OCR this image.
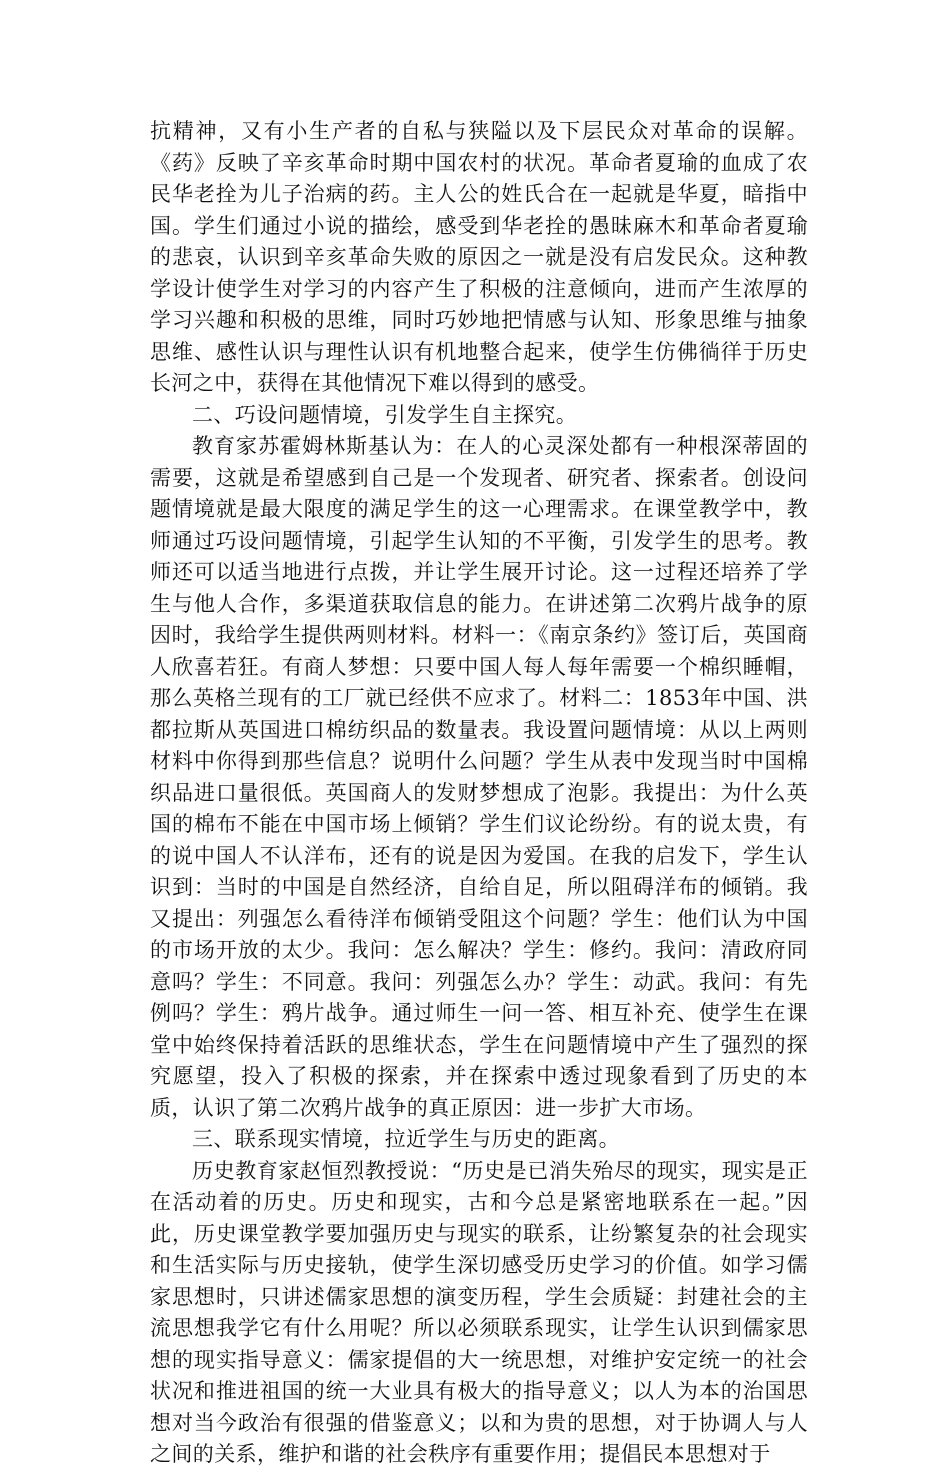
抗精神，又有小生产者的自私与狭隘以及下层民众对革命的误解。《药》反映了辛亥革命时期中国农村的状况。革命者夏瑜的血成了农民华老拴为儿子治病的药。主人公的姓氏合在一起就是华夏，暗指中国。学生们通过小说的描绘，感受到华老拴的愚昧麻木和革命者夏瑜的悲哀，认识到辛亥革命失败的原因之一就是没有启发民众。这种教学设计使学生对学习的内容产生了积极的注意倾向，进而产生浓厚的学习兴趣和积极的思维，同时巧妙地把情感与认知、形象思维与抽象思维、感性认识与理性认识有机地整合起来，使学生仿佛徜徉于历史长河之中，获得在其他情况下难以得到的感受。

二、巧设问题情境，引发学生自主探究。

教育家苏霍姆林斯基认为：在人的心灵深处都有一种根深蒂固的需要，这就是希望感到自己是一个发现者、研究者、探索者。创设问题情境就是最大限度的满足学生的这一心理需求。在课堂教学中，教师通过巧设问题情境，引起学生认知的不平衡，引发学生的思考。教师还可以适当地进行点拨，并让学生展开讨论。这一过程还培养了学生与他人合作，多渠道获取信息的能力。在讲述第二次鸦片战争的原因时，我给学生提供两则材料。材料一：《南京条约》签订后，英国商人欣喜若狂。有商人梦想：只要中国人每人每年需要一个棉织睡帽，那么英格兰现有的工厂就已经供不应求了。材料二：1853年中国、洪都拉斯从英国进口棉纺织品的数量表。我设置问题情境：从以上两则材料中你得到那些信息？说明什么问题？学生从表中发现当时中国棉织品进口量很低。英国商人的发财梦想成了泡影。我提出：为什么英国的棉布不能在中国市场上倾销？学生们议论纷纷。有的说太贵，有的说中国人不认洋布，还有的说是因为爱国。在我的启发下，学生认识到：当时的中国是自然经济，自给自足，所以阻碍洋布的倾销。我又提出：列强怎么看待洋布倾销受阻这个问题？学生：他们认为中国的市场开放的太少。我问：怎么解决？学生：修约。我问：清政府同意吗？学生：不同意。我问：列强怎么办？学生：动武。我问：有先例吗？学生：鸦片战争。通过师生一问一答、相互补充、使学生在课堂中始终保持着活跃的思维状态，学生在问题情境中产生了强烈的探究愿望，投入了积极的探索，并在探索中透过现象看到了历史的本质，认识了第二次鸦片战争的真正原因：进一步扩大市场。

三、联系现实情境，拉近学生与历史的距离。

历史教育家赵恒烈教授说：“历史是已消失殆尽的现实，现实是正在活动着的历史。历史和现实，古和今总是紧密地联系在一起。”因此，历史课堂教学要加强历史与现实的联系，让纷繁复杂的社会现实和生活实际与历史接轨，使学生深切感受历史学习的价值。如学习儒家思想时，只讲述儒家思想的演变历程，学生会质疑：封建社会的主流思想我学它有什么用呢？所以必须联系现实，让学生认识到儒家思想的现实指导意义：儒家提倡的大一统思想，对维护安定统一的社会状况和推进祖国的统一大业具有极大的指导意义；以人为本的治国思想对当今政治有很强的借鉴意义；以和为贵的思想，对于协调人与人之间的关系，维护和谐的社会秩序有重要作用；提倡民本思想对于
